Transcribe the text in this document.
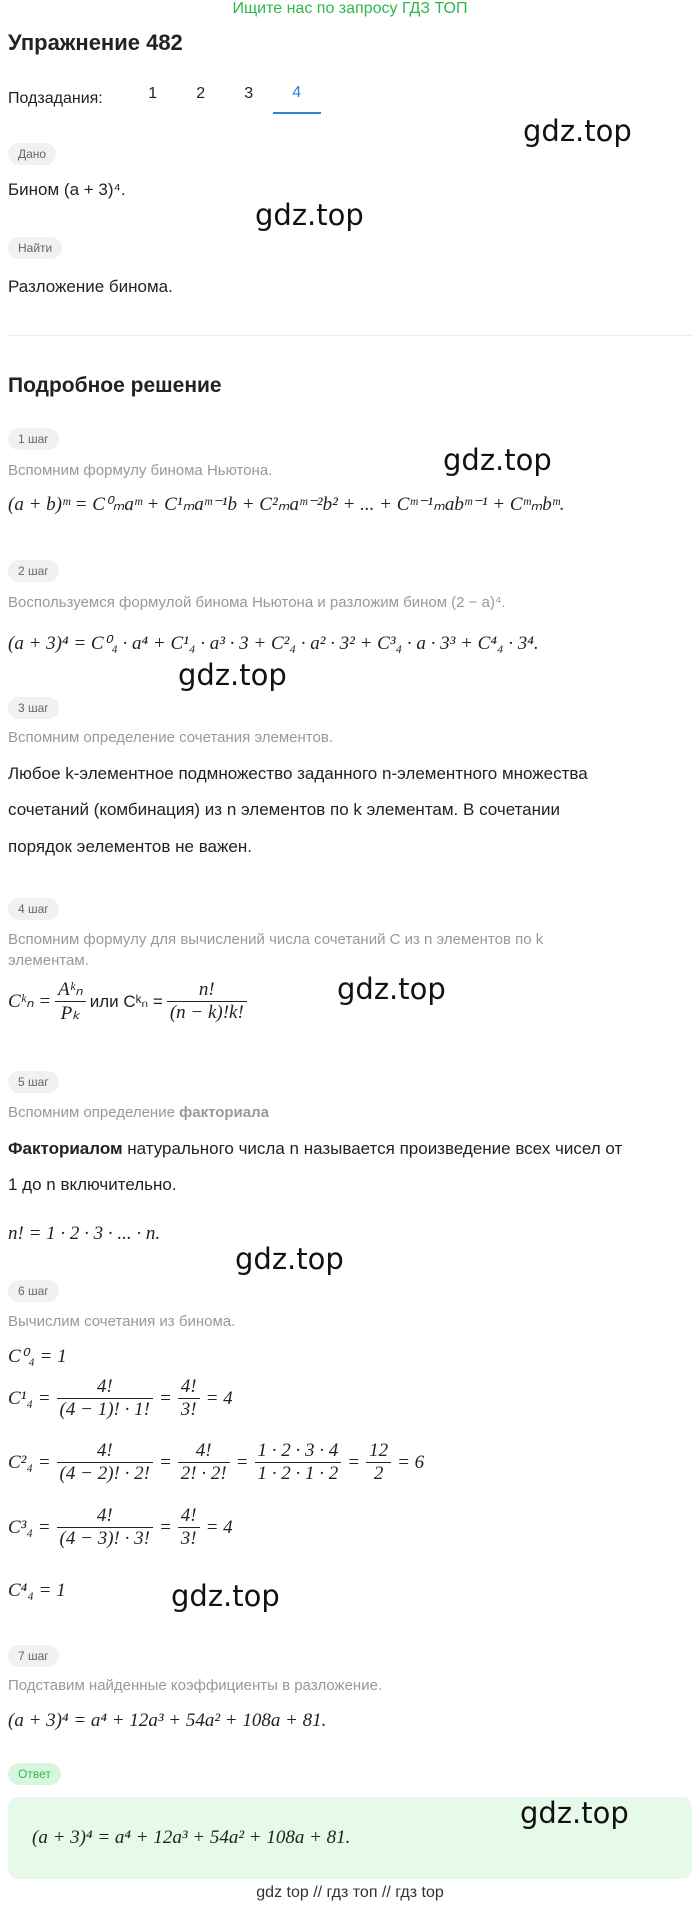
Ищите нас по запросу ГДЗ ТОП
Упражнение 482
Подзадания:	1	2	3	4
gdz.top
Дано
Бином (a + 3)⁴.
gdz.top
Найти
Разложение бинома.
Подробное решение
1 шаг
gdz.top
Вспомним формулу бинома Ньютона.
(a + b)ᵐ = C⁰ₘaᵐ + C¹ₘaᵐ⁻¹b + C²ₘaᵐ⁻²b² + ... + Cᵐ⁻¹ₘabᵐ⁻¹ + Cᵐₘbᵐ.
2 шаг
Воспользуемся формулой бинома Ньютона и разложим бином (2 − a)⁴.
(a + 3)⁴ = C⁰₄ · a⁴ + C¹₄ · a³ · 3 + C²₄ · a² · 3² + C³₄ · a · 3³ + C⁴₄ · 3⁴.
gdz.top
3 шаг
Вспомним определение сочетания элементов.
Любое k-элементное подмножество заданного n-элементного множества
сочетаний (комбинация) из n элементов по k элементам. В сочетании
порядок эелементов не важен.
4 шаг
Вспомним формулу для вычислений числа сочетаний C из n элементов по k
элементам.
gdz.top
Cᵏₙ =
Aᵏₙ
Pₖ
или Cᵏₙ = $\frac{n!}{(n - k)!k!}$
5 шаг
Вспомним определение факториала
Факториалом натурального числа n называется произведение всех чисел от
1 до n включительно.
n! = 1 · 2 · 3 · ... · n.
gdz.top
6 шаг
Вычислим сочетания из бинома.
C⁰₄ = 1
$C^1_4 = \frac{4!}{(4 - 1)! \cdot 1!} = \frac{4!}{3!} = 4$
$C^2_4 = \frac{4!}{(4 - 2)! \cdot 2!} = \frac{4!}{2! \cdot 2!} = \frac{1 \cdot 2 \cdot 3 \cdot 4}{1 \cdot 2 \cdot 1 \cdot 2} = \frac{12}{2} = 6$
$C^3_4 = \frac{4!}{(4 - 3)! \cdot 3!} = \frac{4!}{3!} = 4$
C⁴₄ = 1	gdz.top
7 шаг
Подставим найденные коэффициенты в разложение.
(a + 3)⁴ = a⁴ + 12a³ + 54a² + 108a + 81.
Ответ
(a + 3)⁴ = a⁴ + 12a³ + 54a² + 108a + 81.
gdz.top
gdz top // гдз топ // гдз top
